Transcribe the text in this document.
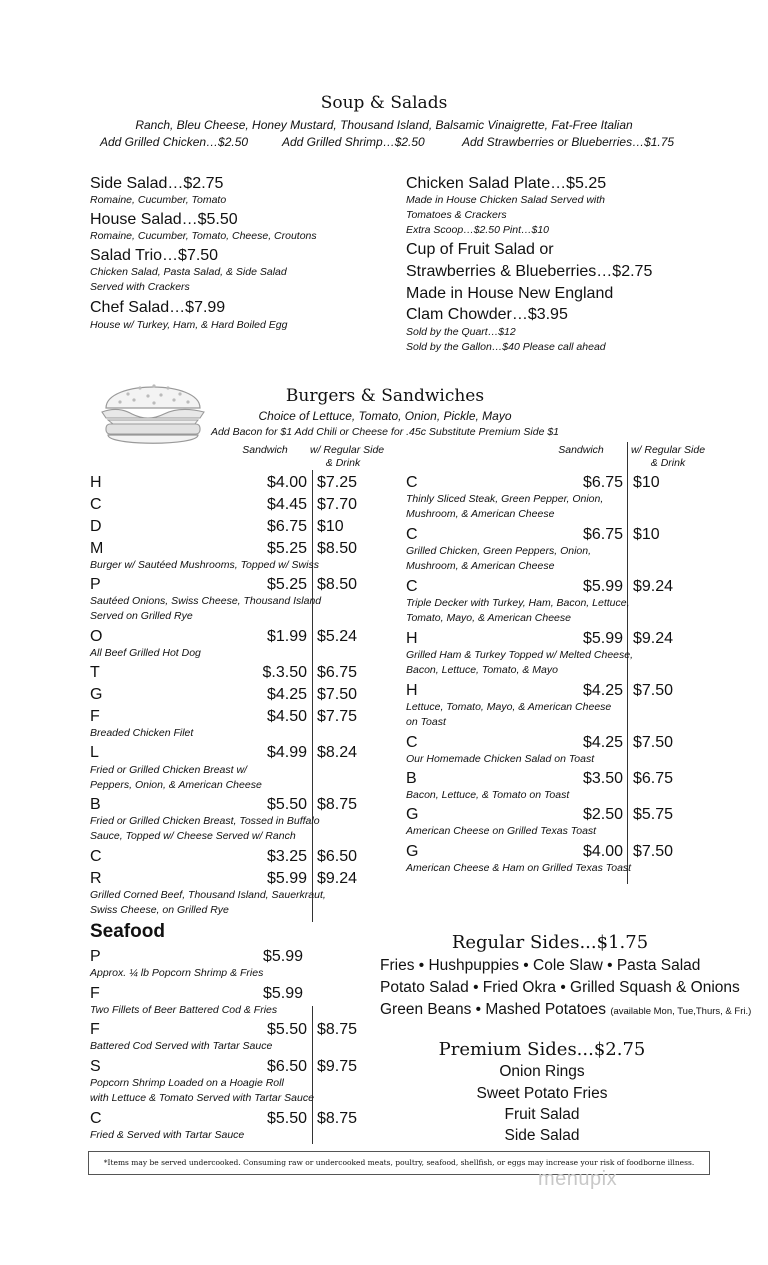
Soup & Salads
Ranch, Bleu Cheese, Honey Mustard, Thousand Island, Balsamic Vinaigrette, Fat-Free Italian
Add Grilled Chicken…$2.50	Add Grilled Shrimp…$2.50	Add Strawberries or Blueberries…$1.75
Side Salad…$2.75
Romaine, Cucumber, Tomato
House Salad…$5.50
Romaine, Cucumber, Tomato, Cheese, Croutons
Salad Trio…$7.50
Chicken Salad, Pasta Salad, & Side Salad
Served with Crackers
Chef Salad…$7.99
House w/ Turkey, Ham, & Hard Boiled Egg
Chicken Salad Plate…$5.25
Made in House Chicken Salad Served with
Tomatoes & Crackers
Extra Scoop…$2.50 Pint…$10
Cup of Fruit Salad or
Strawberries & Blueberries…$2.75
Made in House New England
Clam Chowder…$3.95
Sold by the Quart…$12
Sold by the Gallon…$40 Please call ahead
Burgers & Sandwiches
Choice of Lettuce, Tomato, Onion, Pickle, Mayo
Add Bacon for $1 Add Chili or Cheese for .45c Substitute Premium Side $1
Sandwich w/ Regular Side
& Drink
Sandwich	w/ Regular Side
& Drink
H	$4.00 $7.25
C	$4.45 $7.70
D	$6.75 $10
M	$5.25 $8.50
Burger w/ Sautéed Mushrooms, Topped w/ Swiss
P	$5.25 $8.50
Sautéed Onions, Swiss Cheese, Thousand Island
Served on Grilled Rye
O	$1.99 $5.24
All Beef Grilled Hot Dog
T	$.3.50 $6.75
G	$4.25 $7.50
F	$4.50 $7.75
Breaded Chicken Filet
L	$4.99 $8.24
Fried or Grilled Chicken Breast w/
Peppers, Onion, & American Cheese
B	$5.50 $8.75
Fried or Grilled Chicken Breast, Tossed in Buffalo
Sauce, Topped w/ Cheese Served w/ Ranch
C	$3.25 $6.50
R	$5.99 $9.24
Grilled Corned Beef, Thousand Island, Sauerkraut,
Swiss Cheese, on Grilled Rye
C	$6.75 $10
Thinly Sliced Steak, Green Pepper, Onion,
Mushroom, & American Cheese
C	$6.75 $10
Grilled Chicken, Green Peppers, Onion,
Mushroom, & American Cheese
C	$5.99 $9.24
Triple Decker with Turkey, Ham, Bacon, Lettuce,
Tomato, Mayo, & American Cheese
H	$5.99 $9.24
Grilled Ham & Turkey Topped w/ Melted Cheese,
Bacon, Lettuce, Tomato, & Mayo
H	$4.25 $7.50
Lettuce, Tomato, Mayo, & American Cheese
on Toast
C	$4.25 $7.50
Our Homemade Chicken Salad on Toast
B	$3.50 $6.75
Bacon, Lettuce, & Tomato on Toast
G	$2.50 $5.75
American Cheese on Grilled Texas Toast
G	$4.00 $7.50
American Cheese & Ham on Grilled Texas Toast
Seafood
P	$5.99
Approx. ¼ lb Popcorn Shrimp & Fries
F	$5.99
Two Fillets of Beer Battered Cod & Fries
F	$5.50 $8.75
Battered Cod Served with Tartar Sauce
S	$6.50 $9.75
Popcorn Shrimp Loaded on a Hoagie Roll
with Lettuce & Tomato Served with Tartar Sauce
C	$5.50 $8.75
Fried & Served with Tartar Sauce
Regular Sides...$1.75
Fries • Hushpuppies • Cole Slaw • Pasta Salad
Potato Salad • Fried Okra • Grilled Squash & Onions
Green Beans • Mashed Potatoes (available Mon, Tue,Thurs, & Fri.)
Premium Sides...$2.75
Onion Rings
Sweet Potato Fries
Fruit Salad
Side Salad
*Items may be served undercooked. Consuming raw or undercooked meats, poultry, seafood, shellfish, or eggs may increase your risk of foodborne illness.
menupix
